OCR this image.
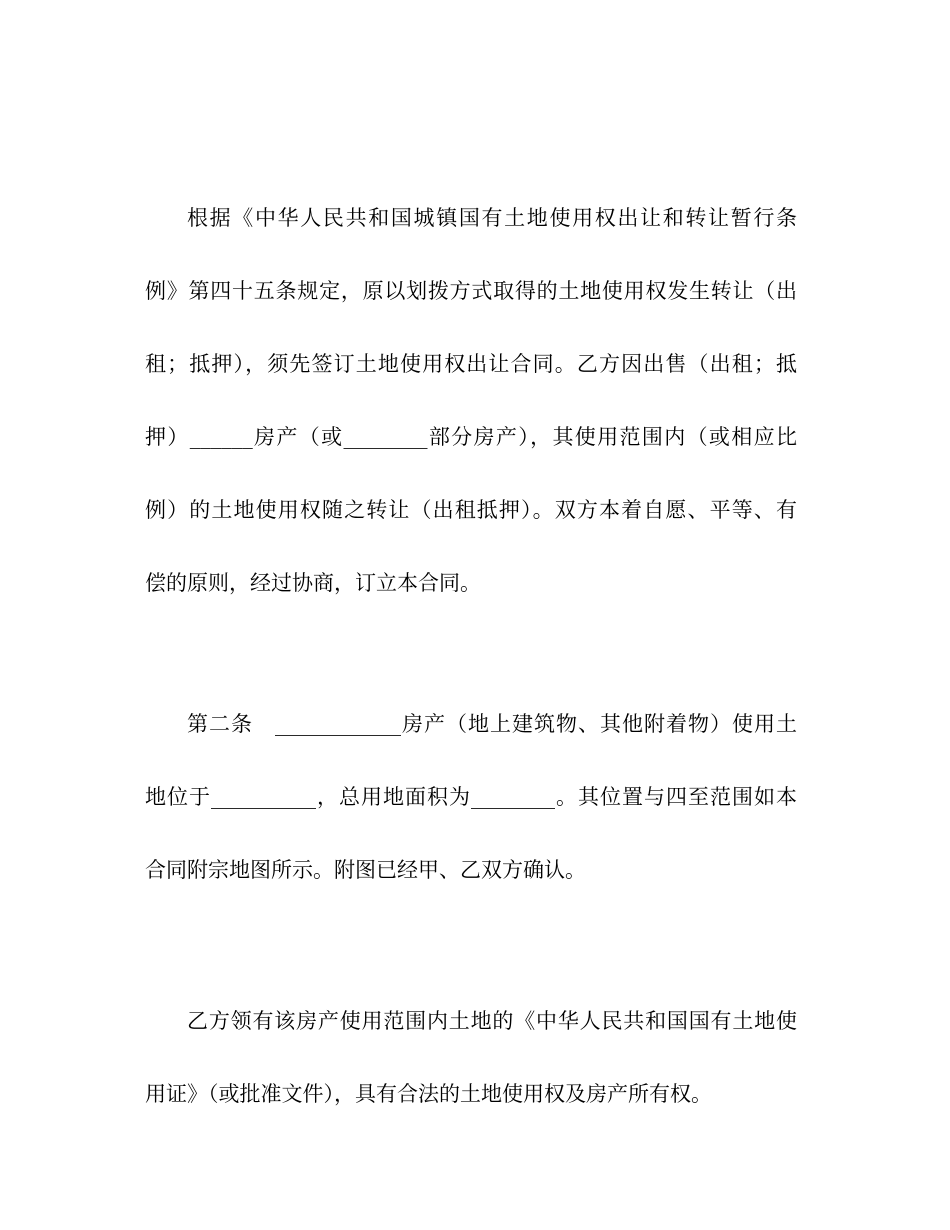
根据《中华人民共和国城镇国有土地使用权出让和转让暂行条
例》第四十五条规定，原以划拨方式取得的土地使用权发生转让（出
租；抵押），须先签订土地使用权出让合同。乙方因出售（出租；抵
押）______房产（或________部分房产），其使用范围内（或相应比
例）的土地使用权随之转让（出租抵押）。双方本着自愿、平等、有
偿的原则，经过协商，订立本合同。
第二条　____________房产（地上建筑物、其他附着物）使用土
地位于__________，总用地面积为________。其位置与四至范围如本
合同附宗地图所示。附图已经甲、乙双方确认。
乙方领有该房产使用范围内土地的《中华人民共和国国有土地使
用证》（或批准文件），具有合法的土地使用权及房产所有权。
